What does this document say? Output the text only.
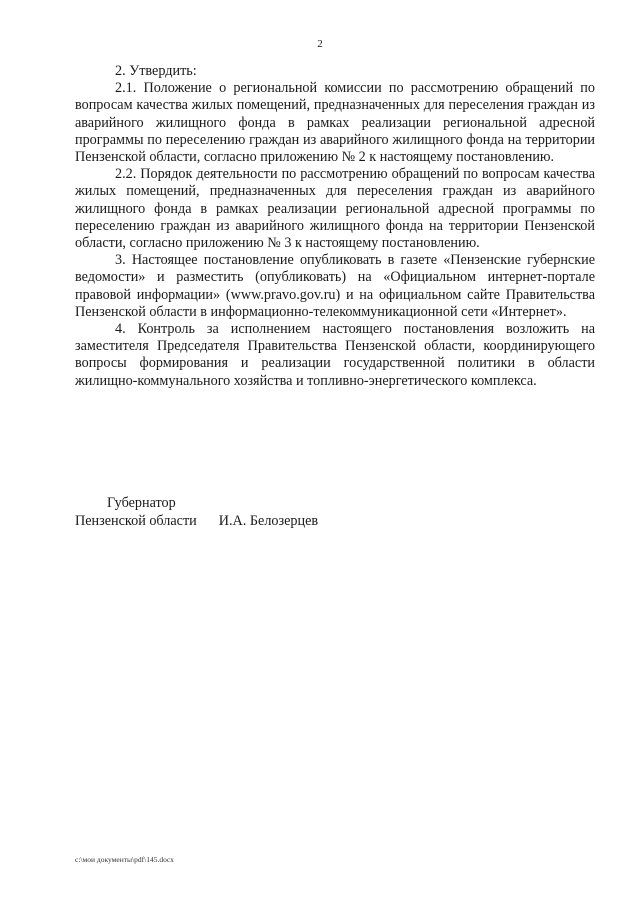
2

2. Утвердить:

2.1. Положение о региональной комиссии по рассмотрению обращений по вопросам качества жилых помещений, предназначенных для переселения граждан из аварийного жилищного фонда в рамках реализации региональной адресной программы по переселению граждан из аварийного жилищного фонда на территории Пензенской области, согласно приложению № 2 к настоящему постановлению.

2.2. Порядок деятельности по рассмотрению обращений по вопросам качества жилых помещений, предназначенных для переселения граждан из аварийного жилищного фонда в рамках реализации региональной адресной программы по переселению граждан из аварийного жилищного фонда на территории Пензенской области, согласно приложению № 3 к настоящему постановлению.

3. Настоящее постановление опубликовать в газете «Пензенские губернские ведомости» и разместить (опубликовать) на «Официальном интернет-портале правовой информации» (www.pravo.gov.ru) и на официальном сайте Правительства Пензенской области в информационно-телекоммуникационной сети «Интернет».

4. Контроль за исполнением настоящего постановления возложить на заместителя Председателя Правительства Пензенской области, координирующего вопросы формирования и реализации государственной политики в области жилищно-коммунального хозяйства и топливно-энергетического комплекса.

Губернатор
Пензенской области И.А. Белозерцев
c:\мои документы\pdf\145.docx
